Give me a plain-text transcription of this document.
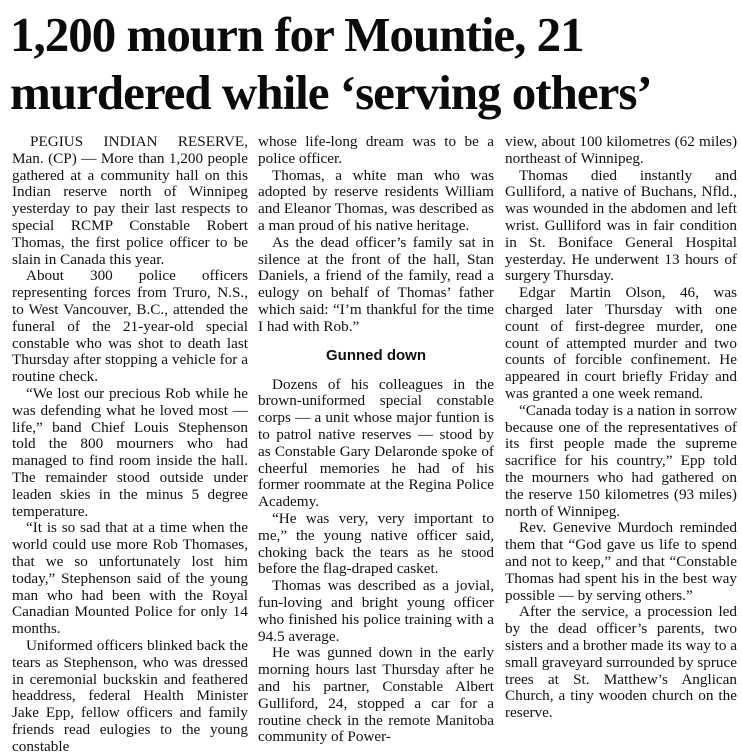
1,200 mourn for Mountie, 21
murdered while ‘serving others’

PEGIUS INDIAN RESERVE, Man. (CP) — More than 1,200 people gathered at a community hall on this Indian reserve north of Winnipeg yesterday to pay their last respects to special RCMP Constable Robert Thomas, the first police officer to be slain in Canada this year.

About 300 police officers representing forces from Truro, N.S., to West Vancouver, B.C., attended the funeral of the 21-year-old special constable who was shot to death last Thursday after stopping a vehicle for a routine check.

“We lost our precious Rob while he was defending what he loved most — life,” band Chief Louis Stephenson told the 800 mourners who had managed to find room inside the hall. The remainder stood outside under leaden skies in the minus 5 degree temperature.

“It is so sad that at a time when the world could use more Rob Thomases, that we so unfortunately lost him today,” Stephenson said of the young man who had been with the Royal Canadian Mounted Police for only 14 months.

Uniformed officers blinked back the tears as Stephenson, who was dressed in ceremonial buckskin and feathered headdress, federal Health Minister Jake Epp, fellow officers and family friends read eulogies to the young constable

whose life-long dream was to be a police officer.

Thomas, a white man who was adopted by reserve residents William and Eleanor Thomas, was described as a man proud of his native heritage.

As the dead officer’s family sat in silence at the front of the hall, Stan Daniels, a friend of the family, read a eulogy on behalf of Thomas’ father which said: “I’m thankful for the time I had with Rob.”

Gunned down

Dozens of his colleagues in the brown-uniformed special constable corps — a unit whose major funtion is to patrol native reserves — stood by as Constable Gary Delaronde spoke of cheerful memories he had of his former roommate at the Regina Police Academy.

“He was very, very important to me,” the young native officer said, choking back the tears as he stood before the flag-draped casket.

Thomas was described as a jovial, fun-loving and bright young officer who finished his police training with a 94.5 average.

He was gunned down in the early morning hours last Thursday after he and his partner, Constable Albert Gulliford, 24, stopped a car for a routine check in the remote Manitoba community of Power-

view, about 100 kilometres (62 miles) northeast of Winnipeg.

Thomas died instantly and Gulliford, a native of Buchans, Nfld., was wounded in the abdomen and left wrist. Gulliford was in fair condition in St. Boniface General Hospital yesterday. He underwent 13 hours of surgery Thursday.

Edgar Martin Olson, 46, was charged later Thursday with one count of first-degree murder, one count of attempted murder and two counts of forcible confinement. He appeared in court briefly Friday and was granted a one week remand.

“Canada today is a nation in sorrow because one of the representatives of its first people made the supreme sacrifice for his country,” Epp told the mourners who had gathered on the reserve 150 kilometres (93 miles) north of Winnipeg.

Rev. Genevive Murdoch reminded them that “God gave us life to spend and not to keep,” and that “Constable Thomas had spent his in the best way possible — by serving others.”

After the service, a procession led by the dead officer’s parents, two sisters and a brother made its way to a small graveyard surrounded by spruce trees at St. Matthew’s Anglican Church, a tiny wooden church on the reserve.
